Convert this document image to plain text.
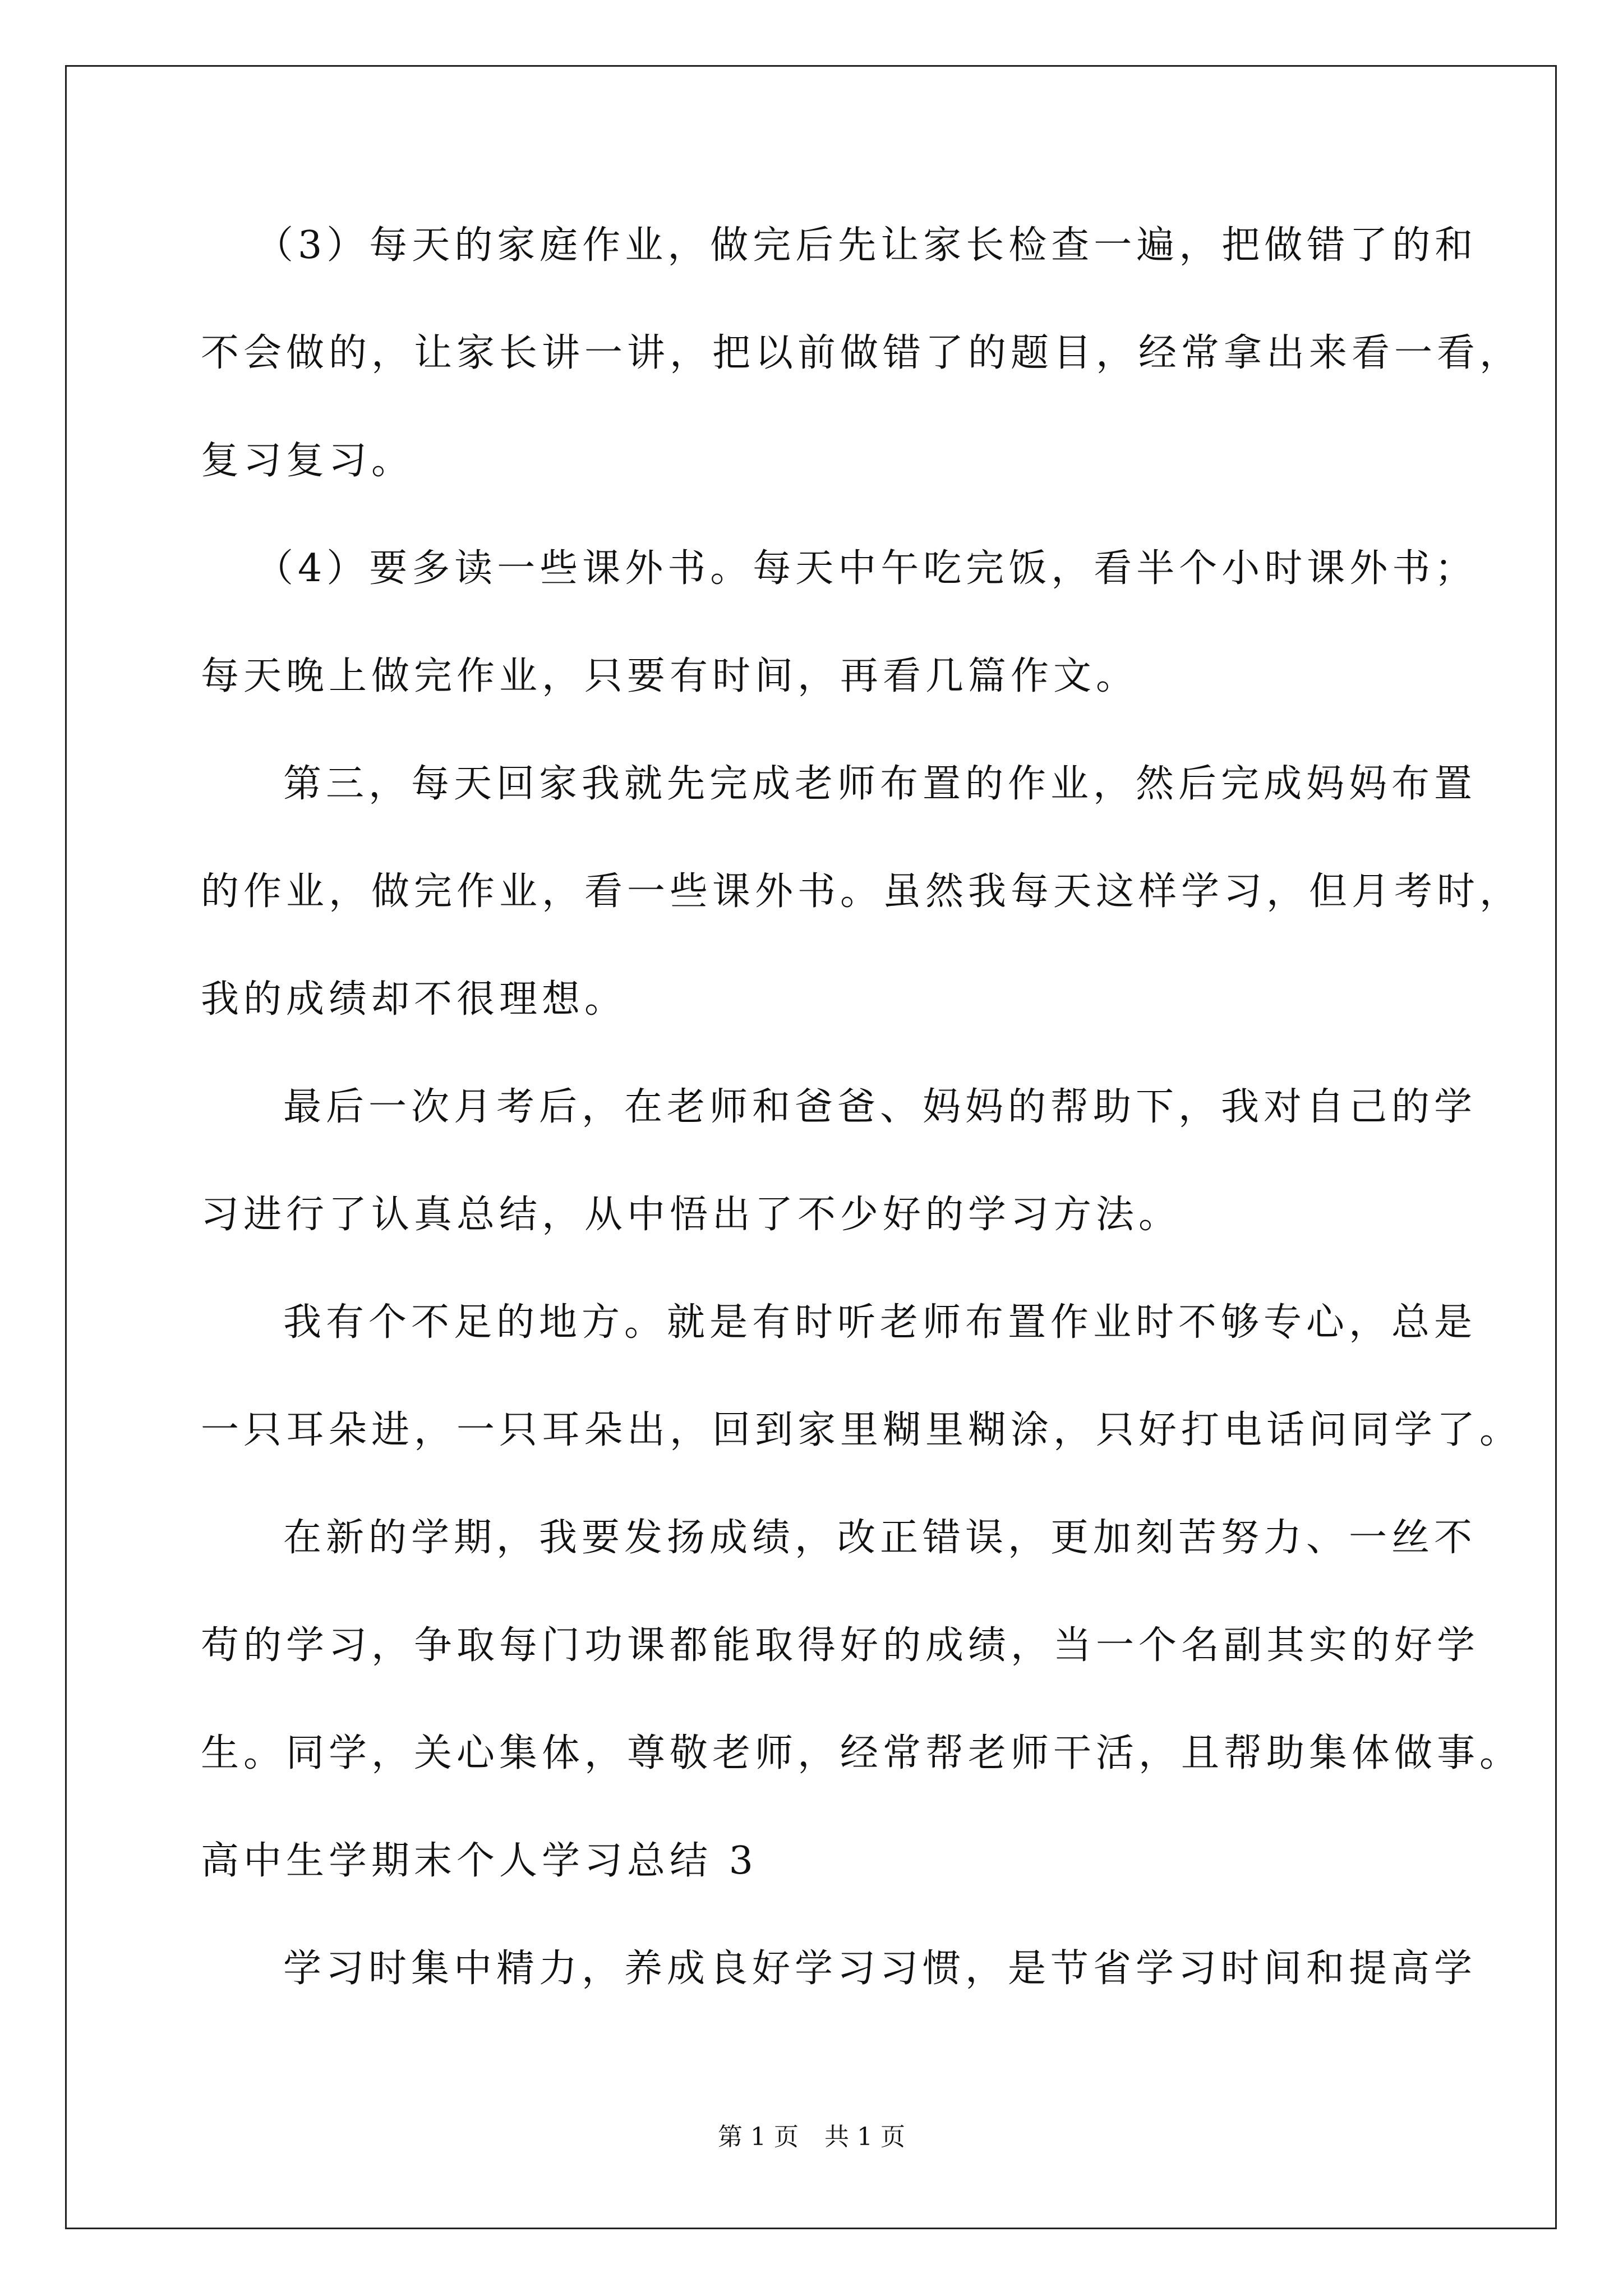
（3）每天的家庭作业，做完后先让家长检查一遍，把做错了的和
不会做的，让家长讲一讲，把以前做错了的题目，经常拿出来看一看，
复习复习。
（4）要多读一些课外书。每天中午吃完饭，看半个小时课外书；
每天晚上做完作业，只要有时间，再看几篇作文。
第三，每天回家我就先完成老师布置的作业，然后完成妈妈布置
的作业，做完作业，看一些课外书。虽然我每天这样学习，但月考时，
我的成绩却不很理想。
最后一次月考后，在老师和爸爸、妈妈的帮助下，我对自己的学
习进行了认真总结，从中悟出了不少好的学习方法。
我有个不足的地方。就是有时听老师布置作业时不够专心，总是
一只耳朵进，一只耳朵出，回到家里糊里糊涂，只好打电话问同学了。
在新的学期，我要发扬成绩，改正错误，更加刻苦努力、一丝不
苟的学习，争取每门功课都能取得好的成绩，当一个名副其实的好学
生。同学，关心集体，尊敬老师，经常帮老师干活，且帮助集体做事。
高中生学期末个人学习总结 3
学习时集中精力，养成良好学习习惯，是节省学习时间和提高学
第 1 页 共 1 页
